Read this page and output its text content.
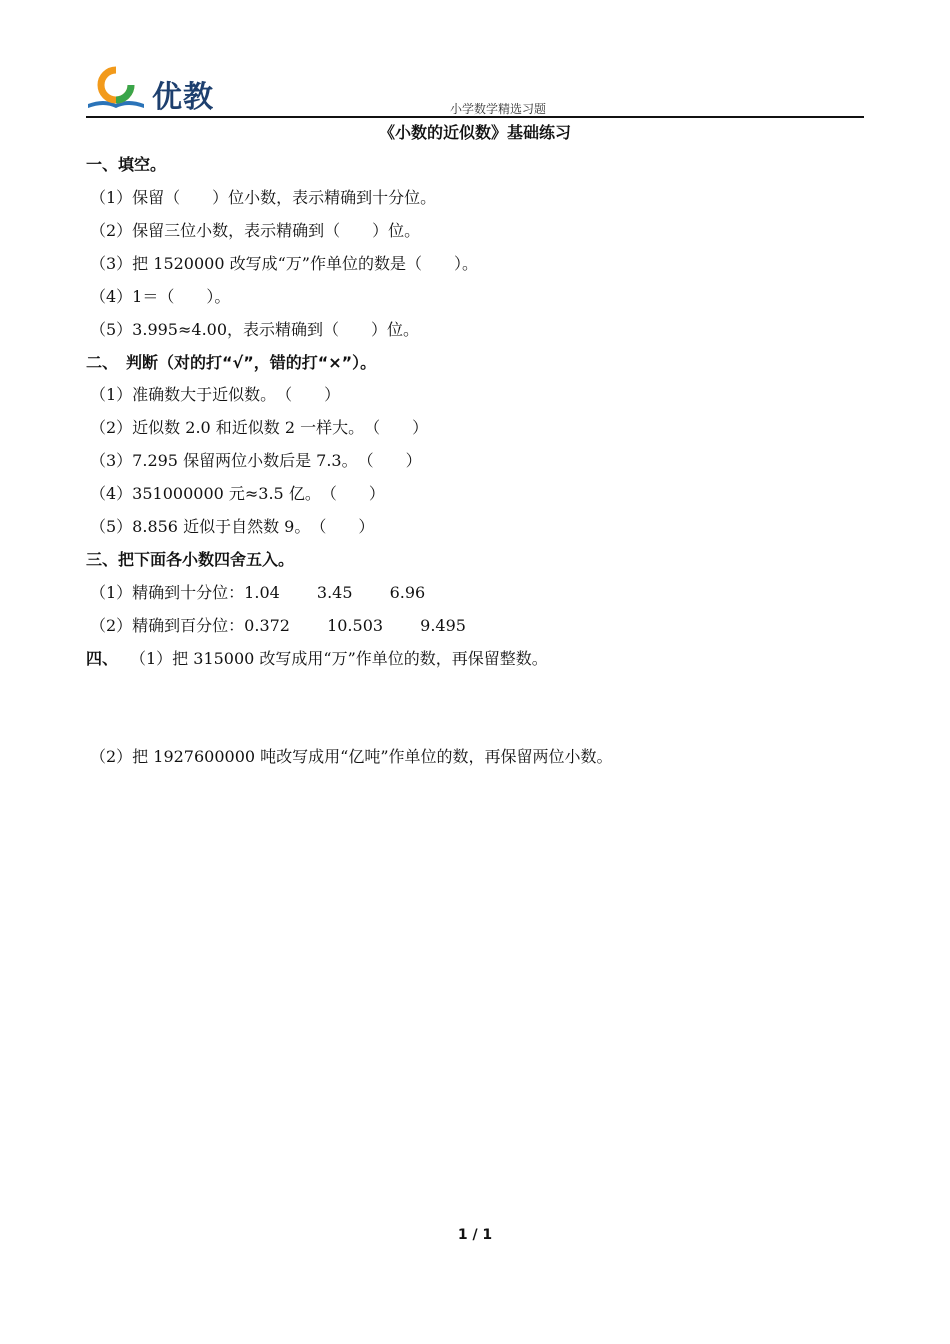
优教	小学数学精选习题
《小数的近似数》基础练习
一、填空。
（1）保留（　　）位小数，表示精确到十分位。
（2）保留三位小数，表示精确到（　　）位。
（3）把 1520000 改写成“万”作单位的数是（　　）。
（4）1＝（　　）。
（5）3.995≈4.00，表示精确到（　　）位。
二、　判断（对的打“√”，错的打“×”）。
（1）准确数大于近似数。　（　　）
（2）近似数 2.0 和近似数 2 一样大。　（　　）
（3）7.295 保留两位小数后是 7.3。　（　　）
（4）351000000 元≈3.5 亿。　（　　）
（5）8.856 近似于自然数 9。　（　　）
三、把下面各小数四舍五入。
（1）精确到十分位：1.04　　 3.45　　 6.96
（2）精确到百分位：0.372　　 10.503　　 9.495
四、 （1）把 315000 改写成用“万”作单位的数，再保留整数。
（2）把 1927600000 吨改写成用“亿吨”作单位的数，再保留两位小数。
1 / 1
